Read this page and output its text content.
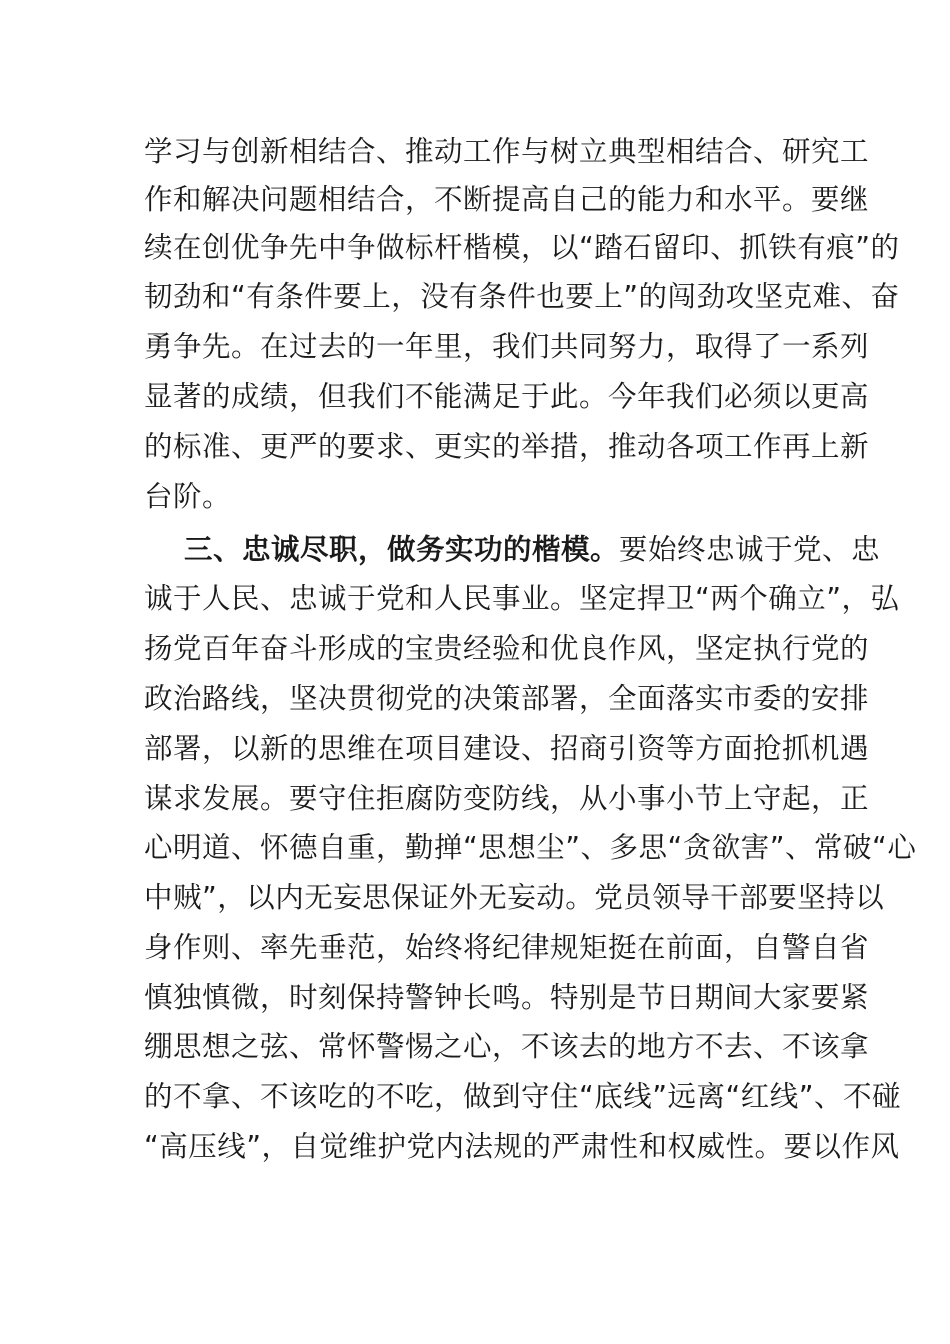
学习与创新相结合、推动工作与树立典型相结合、研究工
作和解决问题相结合，不断提高自己的能力和水平。要继
续在创优争先中争做标杆楷模，以“踏石留印、抓铁有痕”的
韧劲和“有条件要上，没有条件也要上”的闯劲攻坚克难、奋
勇争先。在过去的一年里，我们共同努力，取得了一系列
显著的成绩，但我们不能满足于此。今年我们必须以更高
的标准、更严的要求、更实的举措，推动各项工作再上新
台阶。
三、忠诚尽职，做务实功的楷模。要始终忠诚于党、忠
诚于人民、忠诚于党和人民事业。坚定捍卫“两个确立”，弘
扬党百年奋斗形成的宝贵经验和优良作风，坚定执行党的
政治路线，坚决贯彻党的决策部署，全面落实市委的安排
部署，以新的思维在项目建设、招商引资等方面抢抓机遇
谋求发展。要守住拒腐防变防线，从小事小节上守起，正
心明道、怀德自重，勤掸“思想尘”、多思“贪欲害”、常破“心
中贼”，以内无妄思保证外无妄动。党员领导干部要坚持以
身作则、率先垂范，始终将纪律规矩挺在前面，自警自省
慎独慎微，时刻保持警钟长鸣。特别是节日期间大家要紧
绷思想之弦、常怀警惕之心，不该去的地方不去、不该拿
的不拿、不该吃的不吃，做到守住“底线”远离“红线”、不碰
“高压线”，自觉维护党内法规的严肃性和权威性。要以作风
